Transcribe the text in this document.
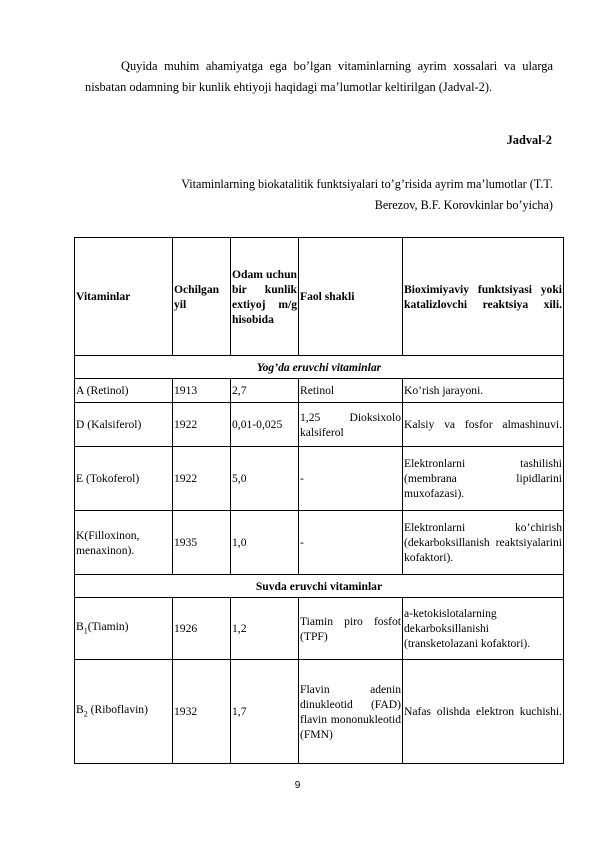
Quyida muhim ahamiyatga ega bo’lgan vitaminlarning ayrim xossalari va ularga nisbatan odamning bir kunlik ehtiyoji haqidagi ma’lumotlar keltirilgan (Jadval-2).
Jadval-2
Vitaminlarning biokatalitik funktsiyalari to’g’risida ayrim ma’lumotlar (T.T.
Berezov, B.F. Korovkinlar bo’yicha)
Vitaminlar	Ochilgan yil	Odam uchun bir kunlik extiyoj m/g hisobida	Faol shakli	Bioximiyaviy funktsiyasi yoki katalizlovchi reaktsiya xili.
Yog’da eruvchi vitaminlar				
A (Retinol)	1913	2,7	Retinol	Ko’rish jarayoni.
D (Kalsiferol)	1922	0,01-0,025	1,25 Dioksixolo kalsiferol	Kalsiy va fosfor almashinuvi.
E (Tokoferol)	1922	5,0	-	Elektronlarni tashilishi (membrana lipidlarini muxofazasi).
K(Filloxinon, menaxinon).	1935	1,0	-	Elektronlarni ko’chirish (dekarboksillanish reaktsiyalarini kofaktori).
Suvda eruvchi vitaminlar				
$B_1(Tiamin)$	1926	1,2	Tiamin piro fosfot (TPF)	a-ketokislotalarning dekarboksillanishi (transketolazani kofaktori).
$B_2$ (Riboflavin)	1932	1,7	Flavin adenin dinukleotid (FAD) flavin mononukleotid (FMN)	Nafas olishda elektron kuchishi.
9
